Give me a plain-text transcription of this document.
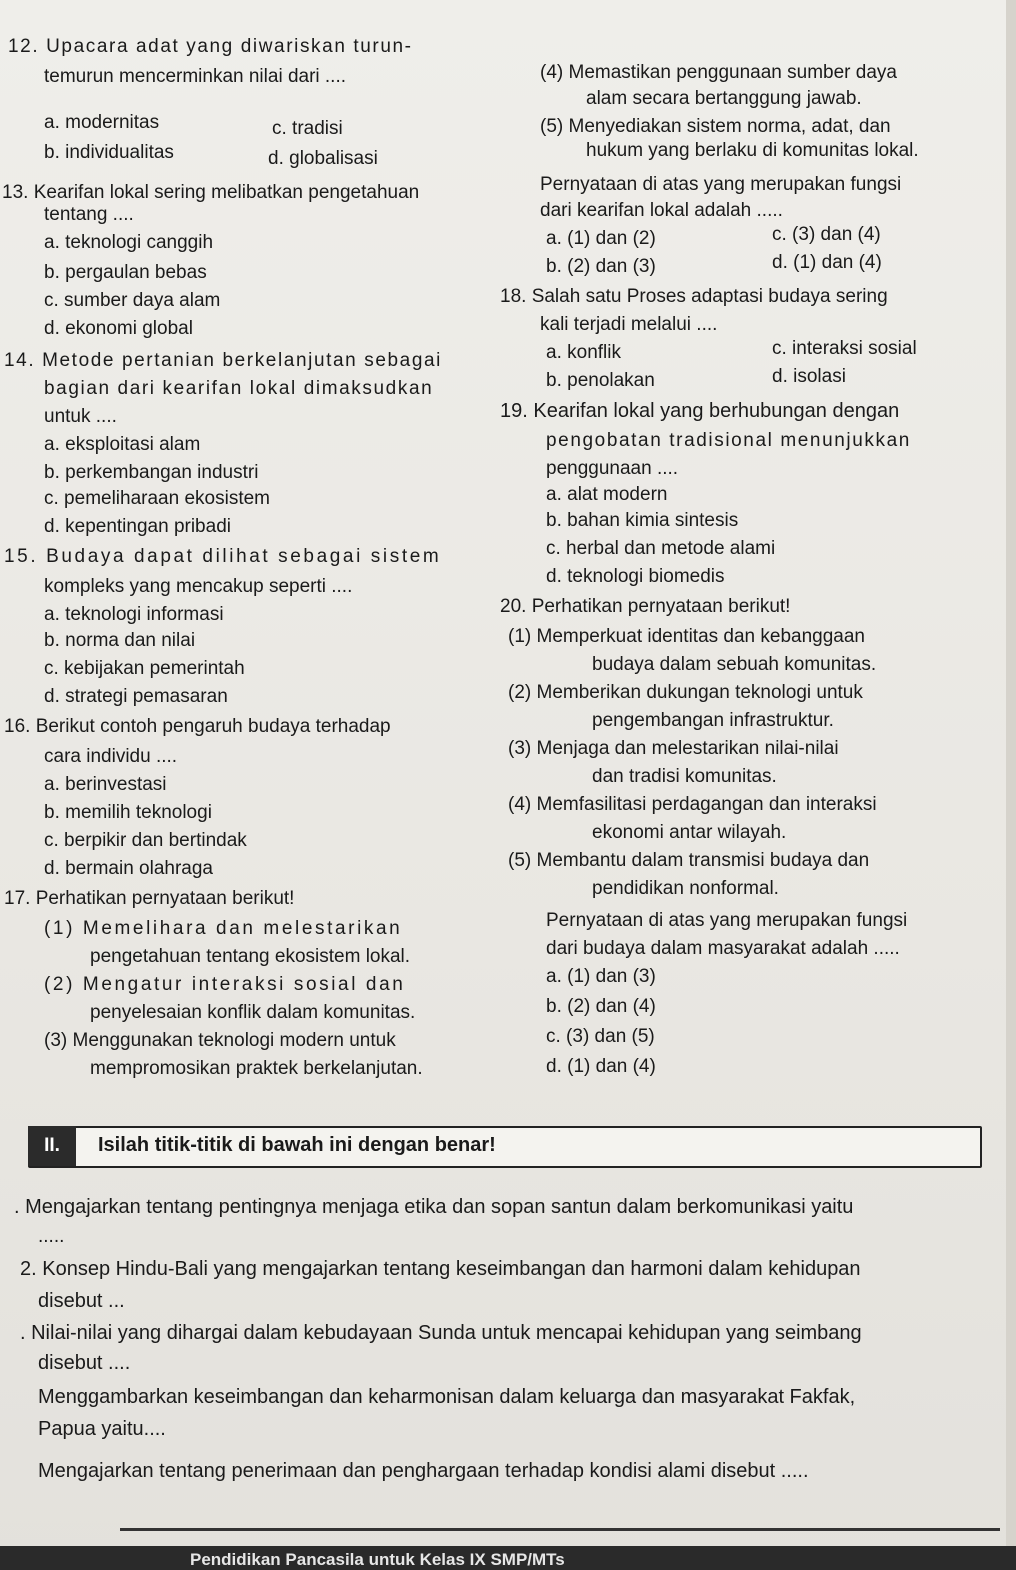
12. Upacara adat yang diwariskan turun-
temurun mencerminkan nilai dari ....
a. modernitas	c. tradisi
b. individualitas	d. globalisasi
13. Kearifan lokal sering melibatkan pengetahuan
tentang ....
a. teknologi canggih
b. pergaulan bebas
c. sumber daya alam
d. ekonomi global
14. Metode pertanian berkelanjutan sebagai
bagian dari kearifan lokal dimaksudkan
untuk ....
a. eksploitasi alam
b. perkembangan industri
c. pemeliharaan ekosistem
d. kepentingan pribadi
15. Budaya dapat dilihat sebagai sistem
kompleks yang mencakup seperti ....
a. teknologi informasi
b. norma dan nilai
c. kebijakan pemerintah
d. strategi pemasaran
16. Berikut contoh pengaruh budaya terhadap
cara individu ....
a. berinvestasi
b. memilih teknologi
c. berpikir dan bertindak
d. bermain olahraga
17. Perhatikan pernyataan berikut!
(1) Memelihara dan melestarikan
pengetahuan tentang ekosistem lokal.
(2) Mengatur interaksi sosial dan
penyelesaian konflik dalam komunitas.
(3) Menggunakan teknologi modern untuk
mempromosikan praktek berkelanjutan.
(4) Memastikan penggunaan sumber daya
alam secara bertanggung jawab.
(5) Menyediakan sistem norma, adat, dan
hukum yang berlaku di komunitas lokal.
Pernyataan di atas yang merupakan fungsi
dari kearifan lokal adalah .....
a. (1) dan (2)	c. (3) dan (4)
b. (2) dan (3)	d. (1) dan (4)
18. Salah satu Proses adaptasi budaya sering
kali terjadi melalui ....
a. konflik	c. interaksi sosial
b. penolakan	d. isolasi
19. Kearifan lokal yang berhubungan dengan
pengobatan tradisional menunjukkan
penggunaan ....
a. alat modern
b. bahan kimia sintesis
c. herbal dan metode alami
d. teknologi biomedis
20. Perhatikan pernyataan berikut!
(1) Memperkuat identitas dan kebanggaan
budaya dalam sebuah komunitas.
(2) Memberikan dukungan teknologi untuk
pengembangan infrastruktur.
(3) Menjaga dan melestarikan nilai-nilai
dan tradisi komunitas.
(4) Memfasilitasi perdagangan dan interaksi
ekonomi antar wilayah.
(5) Membantu dalam transmisi budaya dan
pendidikan nonformal.
Pernyataan di atas yang merupakan fungsi
dari budaya dalam masyarakat adalah .....
a. (1) dan (3)
b. (2) dan (4)
c. (3) dan (5)
d. (1) dan (4)
II.	Isilah titik-titik di bawah ini dengan benar!
. Mengajarkan tentang pentingnya menjaga etika dan sopan santun dalam berkomunikasi yaitu
.....
2. Konsep Hindu-Bali yang mengajarkan tentang keseimbangan dan harmoni dalam kehidupan
disebut ...
. Nilai-nilai yang dihargai dalam kebudayaan Sunda untuk mencapai kehidupan yang seimbang
disebut ....
Menggambarkan keseimbangan dan keharmonisan dalam keluarga dan masyarakat Fakfak,
Papua yaitu....
Mengajarkan tentang penerimaan dan penghargaan terhadap kondisi alami disebut .....
Pendidikan Pancasila untuk Kelas IX SMP/MTs
